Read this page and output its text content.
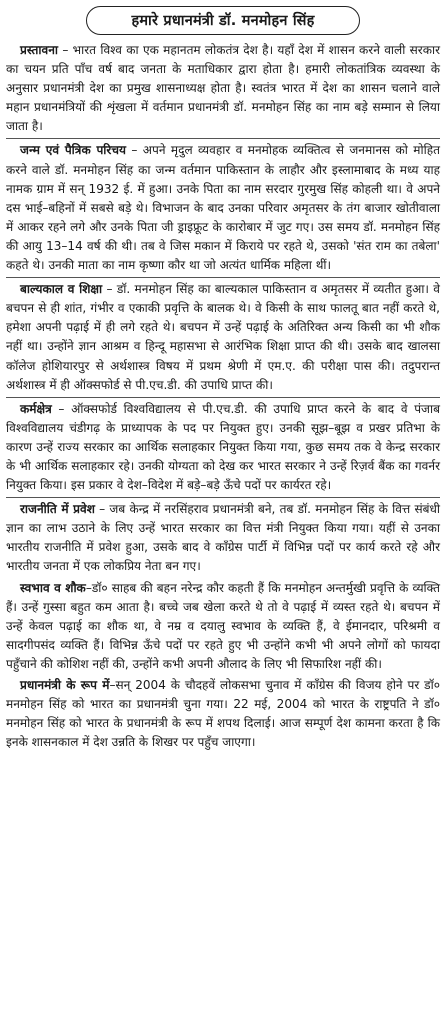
हमारे प्रधानमंत्री डॉ. मनमोहन सिंह

प्रस्तावना – भारत विश्व का एक महानतम लोकतंत्र देश है। यहाँ देश में शासन करने वाली सरकार का चयन प्रति पाँच वर्ष बाद जनता के मताधिकार द्वारा होता है। हमारी लोकतांत्रिक व्यवस्था के अनुसार प्रधानमंत्री देश का प्रमुख शासनाध्यक्ष होता है। स्वतंत्र भारत में देश का शासन चलाने वाले महान प्रधानमंत्रियों की शृंखला में वर्तमान प्रधानमंत्री डॉ. मनमोहन सिंह का नाम बड़े सम्मान से लिया जाता है।

जन्म एवं पैत्रिक परिचय – अपने मृदुल व्यवहार व मनमोहक व्यक्तित्व से जनमानस को मोहित करने वाले डॉ. मनमोहन सिंह का जन्म वर्तमान पाकिस्तान के लाहौर और इस्लामाबाद के मध्य याह नामक ग्राम में सन् 1932 ई. में हुआ। उनके पिता का नाम सरदार गुरमुख सिंह कोहली था। वे अपने दस भाई–बहिनों में सबसे बड़े थे। विभाजन के बाद उनका परिवार अमृतसर के तंग बाजार खोतीवाला में आकर रहने लगे और उनके पिता जी ड्राइफ्रूट के कारोबार में जुट गए। उस समय डॉ. मनमोहन सिंह की आयु 13–14 वर्ष की थी। तब वे जिस मकान में किराये पर रहते थे, उसको 'संत राम का तबेला' कहते थे। उनकी माता का नाम कृष्णा कौर था जो अत्यंत धार्मिक महिला थीं।

बाल्यकाल व शिक्षा – डॉ. मनमोहन सिंह का बाल्यकाल पाकिस्तान व अमृतसर में व्यतीत हुआ। वे बचपन से ही शांत, गंभीर व एकाकी प्रवृत्ति के बालक थे। वे किसी के साथ फालतू बात नहीं करते थे, हमेशा अपनी पढ़ाई में ही लगे रहते थे। बचपन में उन्हें पढ़ाई के अतिरिक्त अन्य किसी का भी शौक नहीं था। उन्होंने ज्ञान आश्रम व हिन्दू महासभा से आरंभिक शिक्षा प्राप्त की थी। उसके बाद खालसा कॉलेज होशियारपुर से अर्थशास्त्र विषय में प्रथम श्रेणी में एम.ए. की परीक्षा पास की। तदुपरान्त अर्थशास्त्र में ही ऑक्सफोर्ड से पी.एच.डी. की उपाधि प्राप्त की।

कर्मक्षेत्र – ऑक्सफोर्ड विश्वविद्यालय से पी.एच.डी. की उपाधि प्राप्त करने के बाद वे पंजाब विश्वविद्यालय चंडीगढ़ के प्राध्यापक के पद पर नियुक्त हुए। उनकी सूझ–बूझ व प्रखर प्रतिभा के कारण उन्हें राज्य सरकार का आर्थिक सलाहकार नियुक्त किया गया, कुछ समय तक वे केन्द्र सरकार के भी आर्थिक सलाहकार रहे। उनकी योग्यता को देख कर भारत सरकार ने उन्हें रिज़र्व बैंक का गवर्नर नियुक्त किया। इस प्रकार वे देश–विदेश में बड़े–बड़े ऊँचे पदों पर कार्यरत रहे।

राजनीति में प्रवेश – जब केन्द्र में नरसिंहराव प्रधानमंत्री बने, तब डॉ. मनमोहन सिंह के वित्त संबंधी ज्ञान का लाभ उठाने के लिए उन्हें भारत सरकार का वित्त मंत्री नियुक्त किया गया। यहीं से उनका भारतीय राजनीति में प्रवेश हुआ, उसके बाद वे कॉंग्रेस पार्टी में विभिन्न पदों पर कार्य करते रहे और भारतीय जनता में एक लोकप्रिय नेता बन गए।

स्वभाव व शौक–डॉ० साहब की बहन नरेन्द्र कौर कहती हैं कि मनमोहन अन्तर्मुखी प्रवृत्ति के व्यक्ति हैं। उन्हें गुस्सा बहुत कम आता है। बच्चे जब खेला करते थे तो वे पढ़ाई में व्यस्त रहते थे। बचपन में उन्हें केवल पढ़ाई का शौक था, वे नम्र व दयालु स्वभाव के व्यक्ति हैं, वे ईमानदार, परिश्रमी व सादगीपसंद व्यक्ति हैं। विभिन्न ऊँचे पदों पर रहते हुए भी उन्होंने कभी भी अपने लोगों को फायदा पहुँचाने की कोशिश नहीं की, उन्होंने कभी अपनी औलाद के लिए भी सिफारिश नहीं की।

प्रधानमंत्री के रूप में–सन् 2004 के चौदहवें लोकसभा चुनाव में कॉंग्रेस की विजय होने पर डॉ० मनमोहन सिंह को भारत का प्रधानमंत्री चुना गया। 22 मई, 2004 को भारत के राष्ट्रपति ने डॉ० मनमोहन सिंह को भारत के प्रधानमंत्री के रूप में शपथ दिलाई। आज सम्पूर्ण देश कामना करता है कि इनके शासनकाल में देश उन्नति के शिखर पर पहुँच जाएगा।
